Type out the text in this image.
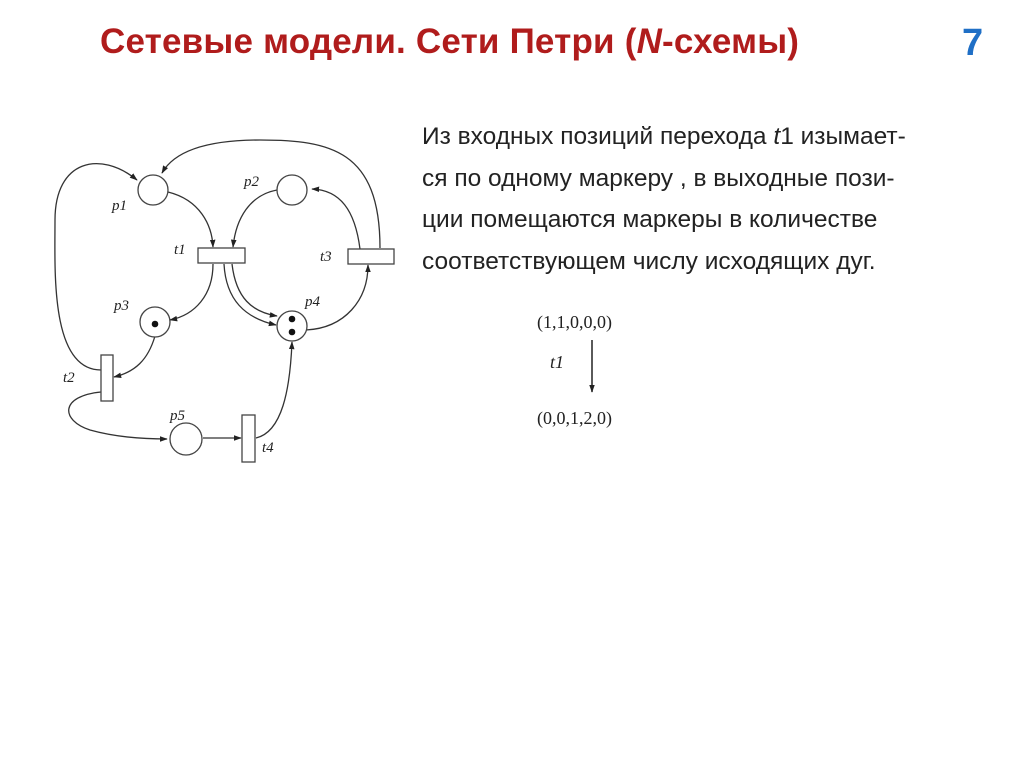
Сетевые модели. Сети Петри (N-схемы)	7

Из входных позиций перехода t1 изымает-
ся по одному маркеру , в выходные пози-
ции помещаются маркеры в количестве
соответствующем числу исходящих дуг.

p1
p2
p3	p4
p5
t1
t2
t3
t4
(1,1,0,0,0)
t1
(0,0,1,2,0)
